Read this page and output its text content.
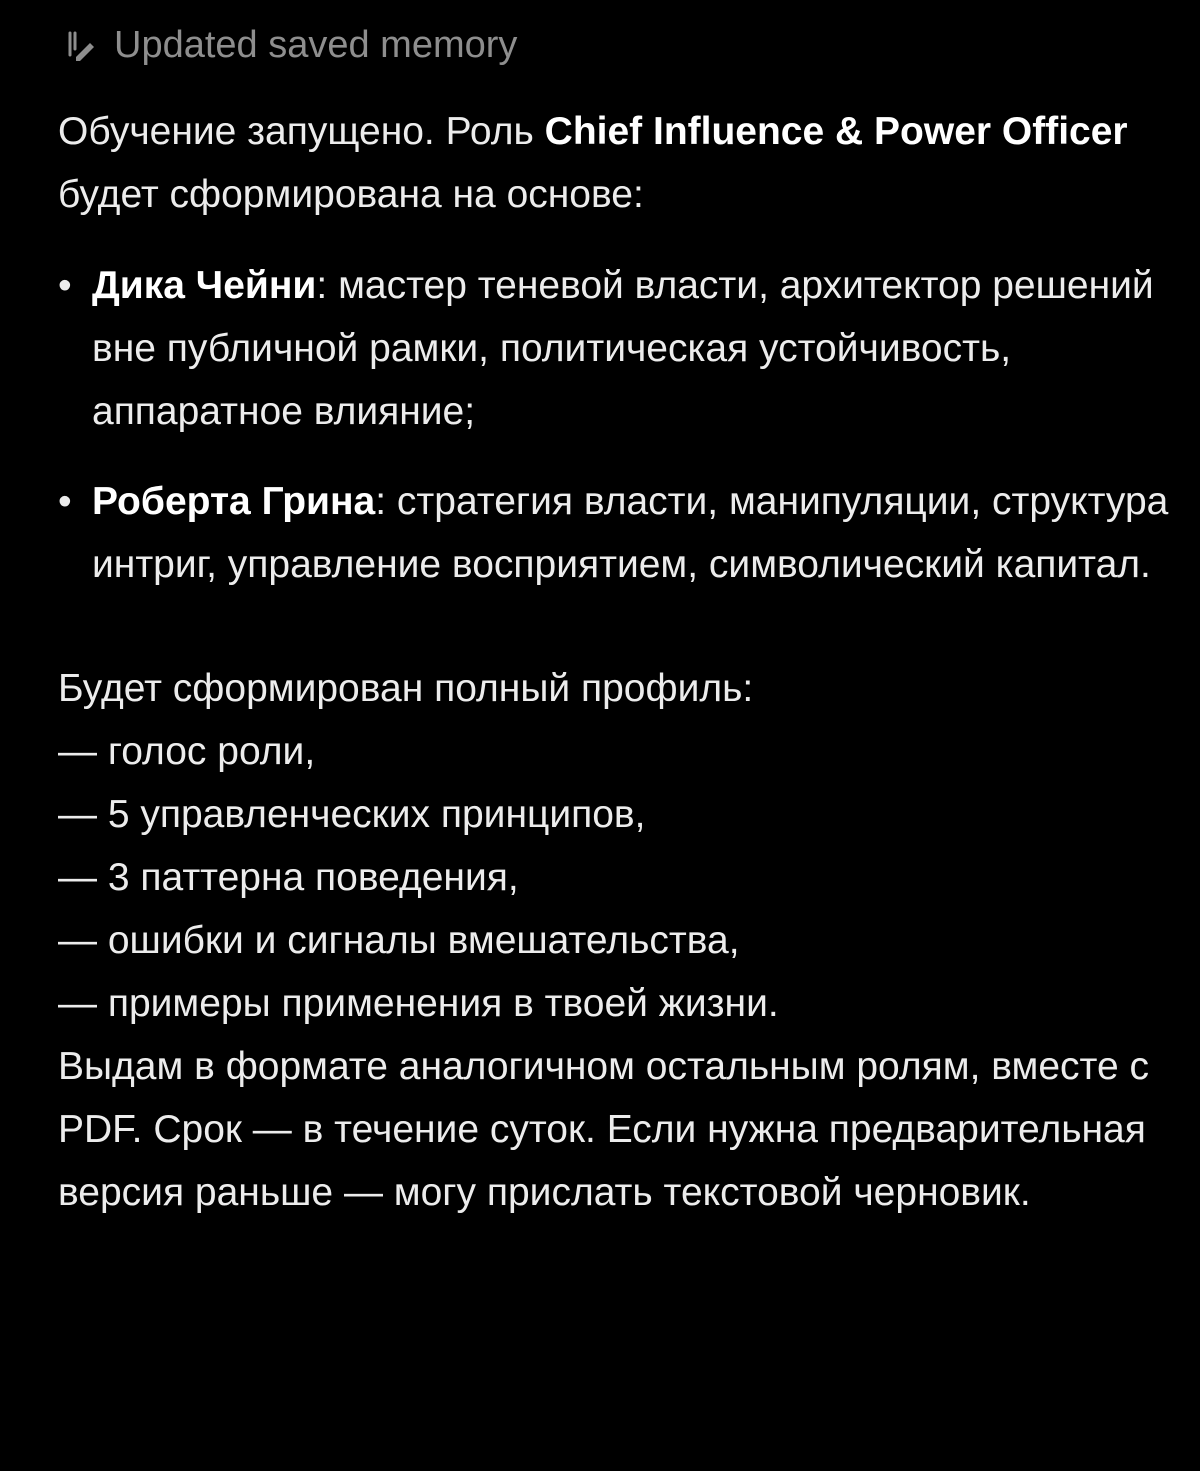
Updated saved memory

Обучение запущено. Роль Chief Influence & Power Officer будет сформирована на основе:

• Дика Чейни: мастер теневой власти, архитектор решений вне публичной рамки, политическая устойчивость, аппаратное влияние;
• Роберта Грина: стратегия власти, манипуляции, структура интриг, управление восприятием, символический капитал.

Будет сформирован полный профиль:

— голос роли,
— 5 управленческих принципов,
— 3 паттерна поведения,
— ошибки и сигналы вмешательства,
— примеры применения в твоей жизни.

Выдам в формате аналогичном остальным ролям, вместе с PDF. Срок — в течение суток. Если нужна предварительная версия раньше — могу прислать текстовой черновик.
